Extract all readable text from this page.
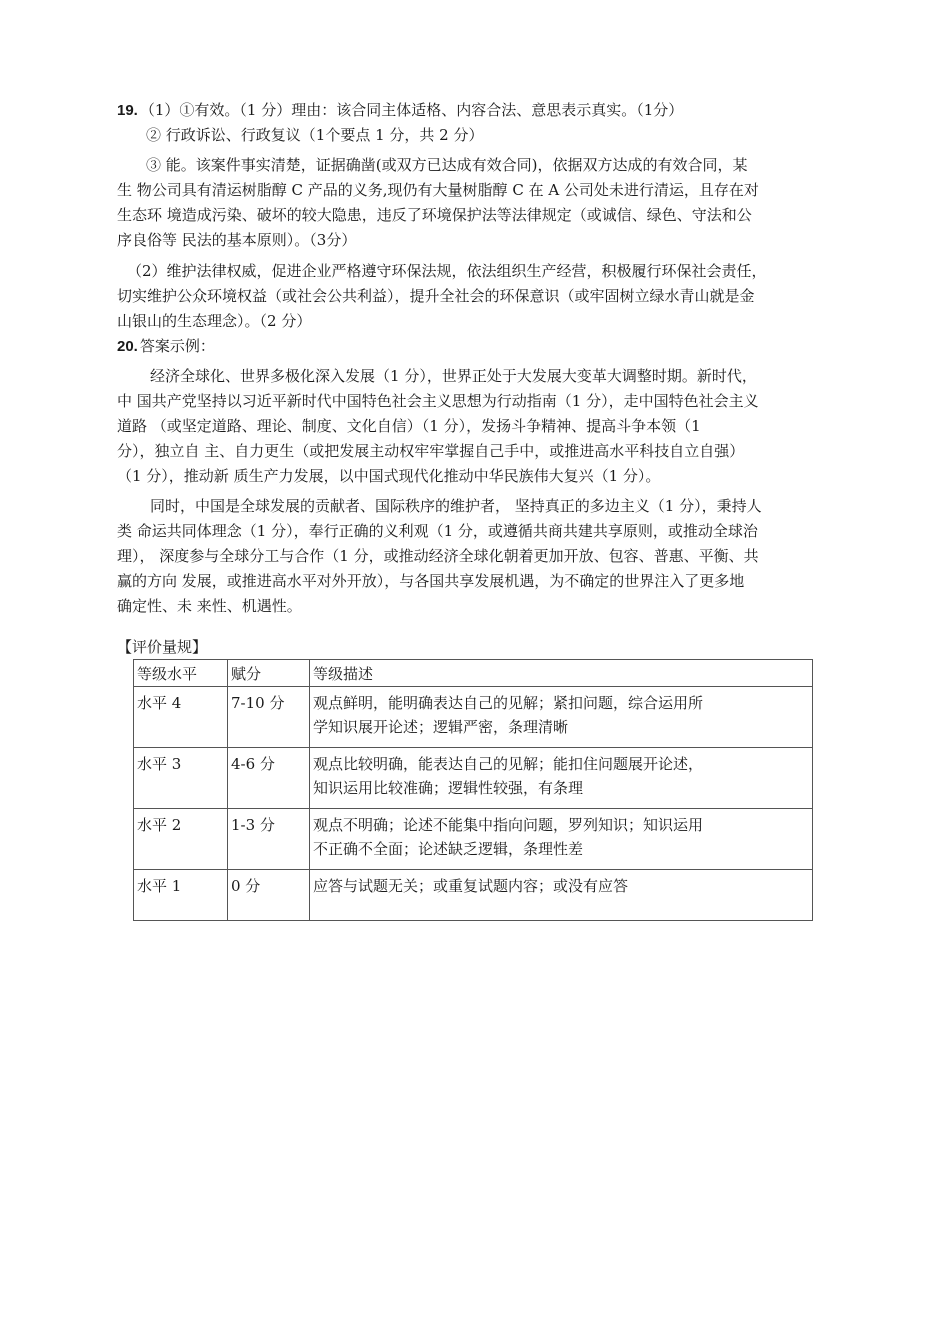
19. （1）①有效。（1 分）理由：该合同主体适格、内容合法、意思表示真实。（1分）
② 行政诉讼、行政复议（1个要点 1 分，共 2 分）
③ 能。该案件事实清楚，证据确凿(或双方已达成有效合同)，依据双方达成的有效合同，某
生 物公司具有清运树脂醇 C 产品的义务,现仍有大量树脂醇 C 在 A 公司处未进行清运，且存在对
生态环 境造成污染、破坏的较大隐患，违反了环境保护法等法律规定（或诚信、绿色、守法和公
序良俗等 民法的基本原则）。（3分）
（2）维护法律权威，促进企业严格遵守环保法规，依法组织生产经营，积极履行环保社会责任，
切实维护公众环境权益（或社会公共利益），提升全社会的环保意识（或牢固树立绿水青山就是金
山银山的生态理念）。（2 分）
20. 答案示例：
经济全球化、世界多极化深入发展（1 分），世界正处于大发展大变革大调整时期。新时代，
中 国共产党坚持以习近平新时代中国特色社会主义思想为行动指南（1 分），走中国特色社会主义
道路 （或坚定道路、理论、制度、文化自信）（1 分），发扬斗争精神、提高斗争本领（1
分），独立自 主、自力更生（或把发展主动权牢牢掌握自己手中，或推进高水平科技自立自强）
（1 分），推动新 质生产力发展，以中国式现代化推动中华民族伟大复兴（1 分）。
同时，中国是全球发展的贡献者、国际秩序的维护者， 坚持真正的多边主义（1 分），秉持人
类 命运共同体理念（1 分），奉行正确的义利观（1 分，或遵循共商共建共享原则，或推动全球治
理）， 深度参与全球分工与合作（1 分，或推动经济全球化朝着更加开放、包容、普惠、平衡、共
赢的方向 发展，或推进高水平对外开放），与各国共享发展机遇，为不确定的世界注入了更多地
确定性、未 来性、机遇性。
【评价量规】
等级水平	赋分	等级描述
水平 4	7-10 分	观点鲜明，能明确表达自己的见解；紧扣问题，综合运用所
学知识展开论述；逻辑严密，条理清晰

水平 3	4-6 分	观点比较明确，能表达自己的见解；能扣住问题展开论述，
知识运用比较准确；逻辑性较强，有条理

水平 2	1-3 分	观点不明确；论述不能集中指向问题，罗列知识；知识运用
不正确不全面；论述缺乏逻辑，条理性差

水平 1	0 分	应答与试题无关；或重复试题内容；或没有应答
